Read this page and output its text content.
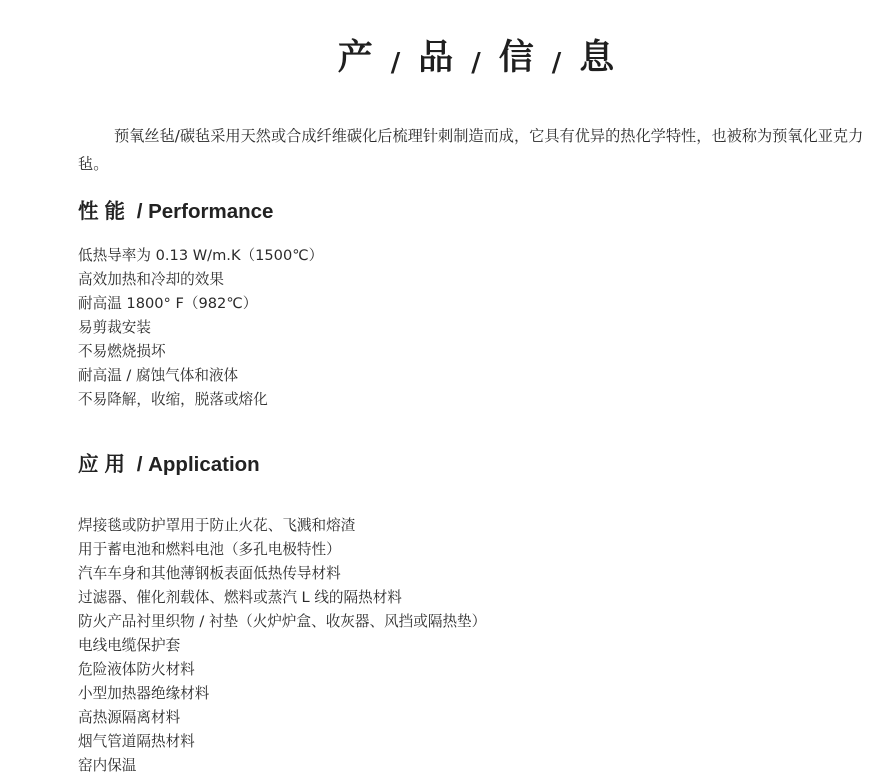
产 / 品 / 信 / 息

预氧丝毡/碳毡采用天然或合成纤维碳化后梳理针刺制造而成，它具有优异的热化学特性，也被称为预氧化亚克力毡。

性能 / Performance
低热导率为 0.13 W/m.K（1500℃）
高效加热和冷却的效果
耐高温 1800° F（982℃）
易剪裁安装
不易燃烧损坏
耐高温 / 腐蚀气体和液体
不易降解，收缩，脱落或熔化
应用 / Application
焊接毯或防护罩用于防止火花、飞溅和熔渣
用于蓄电池和燃料电池（多孔电极特性）
汽车车身和其他薄钢板表面低热传导材料
过滤器、催化剂载体、燃料或蒸汽 L 线的隔热材料
防火产品衬里织物 / 衬垫（火炉炉盒、收灰器、风挡或隔热垫）
电线电缆保护套
危险液体防火材料
小型加热器绝缘材料
高热源隔离材料
烟气管道隔热材料
窑内保温
